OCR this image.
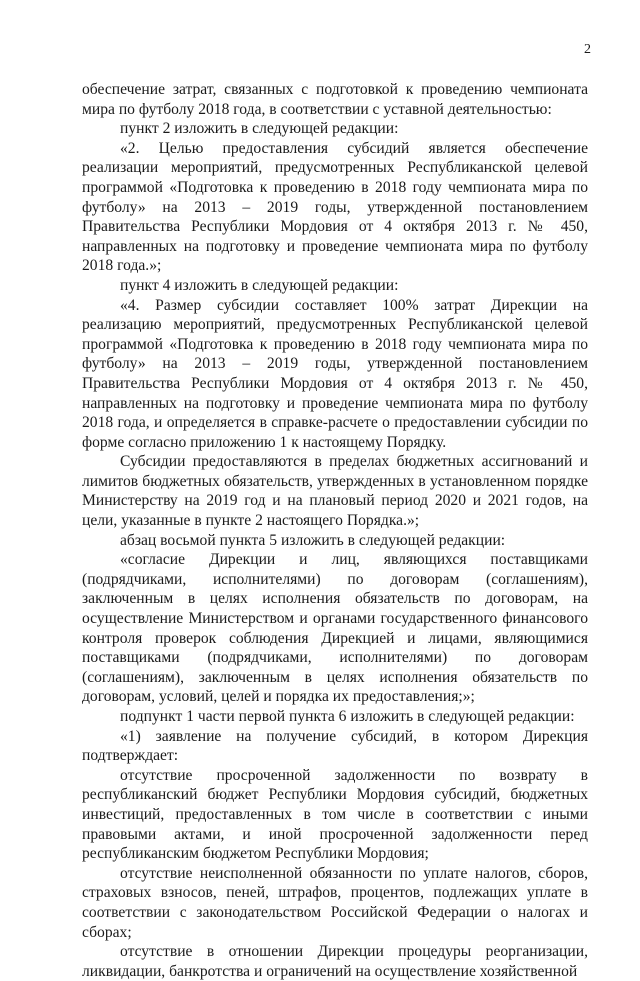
2

обеспечение затрат, связанных с подготовкой к проведению чемпионата мира по футболу 2018 года, в соответствии с уставной деятельностью:

пункт 2 изложить в следующей редакции:

«2. Целью предоставления субсидий является обеспечение реализации мероприятий, предусмотренных Республиканской целевой программой «Подготовка к проведению в 2018 году чемпионата мира по футболу» на 2013 – 2019 годы, утвержденной постановлением Правительства Республики Мордовия от 4 октября 2013 г. № 450, направленных на подготовку и проведение чемпионата мира по футболу 2018 года.»;

пункт 4 изложить в следующей редакции:

«4. Размер субсидии составляет 100% затрат Дирекции на реализацию мероприятий, предусмотренных Республиканской целевой программой «Подготовка к проведению в 2018 году чемпионата мира по футболу» на 2013 – 2019 годы, утвержденной постановлением Правительства Республики Мордовия от 4 октября 2013 г. № 450, направленных на подготовку и проведение чемпионата мира по футболу 2018 года, и определяется в справке-расчете о предоставлении субсидии по форме согласно приложению 1 к настоящему Порядку.

Субсидии предоставляются в пределах бюджетных ассигнований и лимитов бюджетных обязательств, утвержденных в установленном порядке Министерству на 2019 год и на плановый период 2020 и 2021 годов, на цели, указанные в пункте 2 настоящего Порядка.»;

абзац восьмой пункта 5 изложить в следующей редакции:

«согласие Дирекции и лиц, являющихся поставщиками (подрядчиками, исполнителями) по договорам (соглашениям), заключенным в целях исполнения обязательств по договорам, на осуществление Министерством и органами государственного финансового контроля проверок соблюдения Дирекцией и лицами, являющимися поставщиками (подрядчиками, исполнителями) по договорам (соглашениям), заключенным в целях исполнения обязательств по договорам, условий, целей и порядка их предоставления;»;

подпункт 1 части первой пункта 6 изложить в следующей редакции:

«1) заявление на получение субсидий, в котором Дирекция подтверждает:

отсутствие просроченной задолженности по возврату в республиканский бюджет Республики Мордовия субсидий, бюджетных инвестиций, предоставленных в том числе в соответствии с иными правовыми актами, и иной просроченной задолженности перед республиканским бюджетом Республики Мордовия;

отсутствие неисполненной обязанности по уплате налогов, сборов, страховых взносов, пеней, штрафов, процентов, подлежащих уплате в соответствии с законодательством Российской Федерации о налогах и сборах;

отсутствие в отношении Дирекции процедуры реорганизации, ликвидации, банкротства и ограничений на осуществление хозяйственной
